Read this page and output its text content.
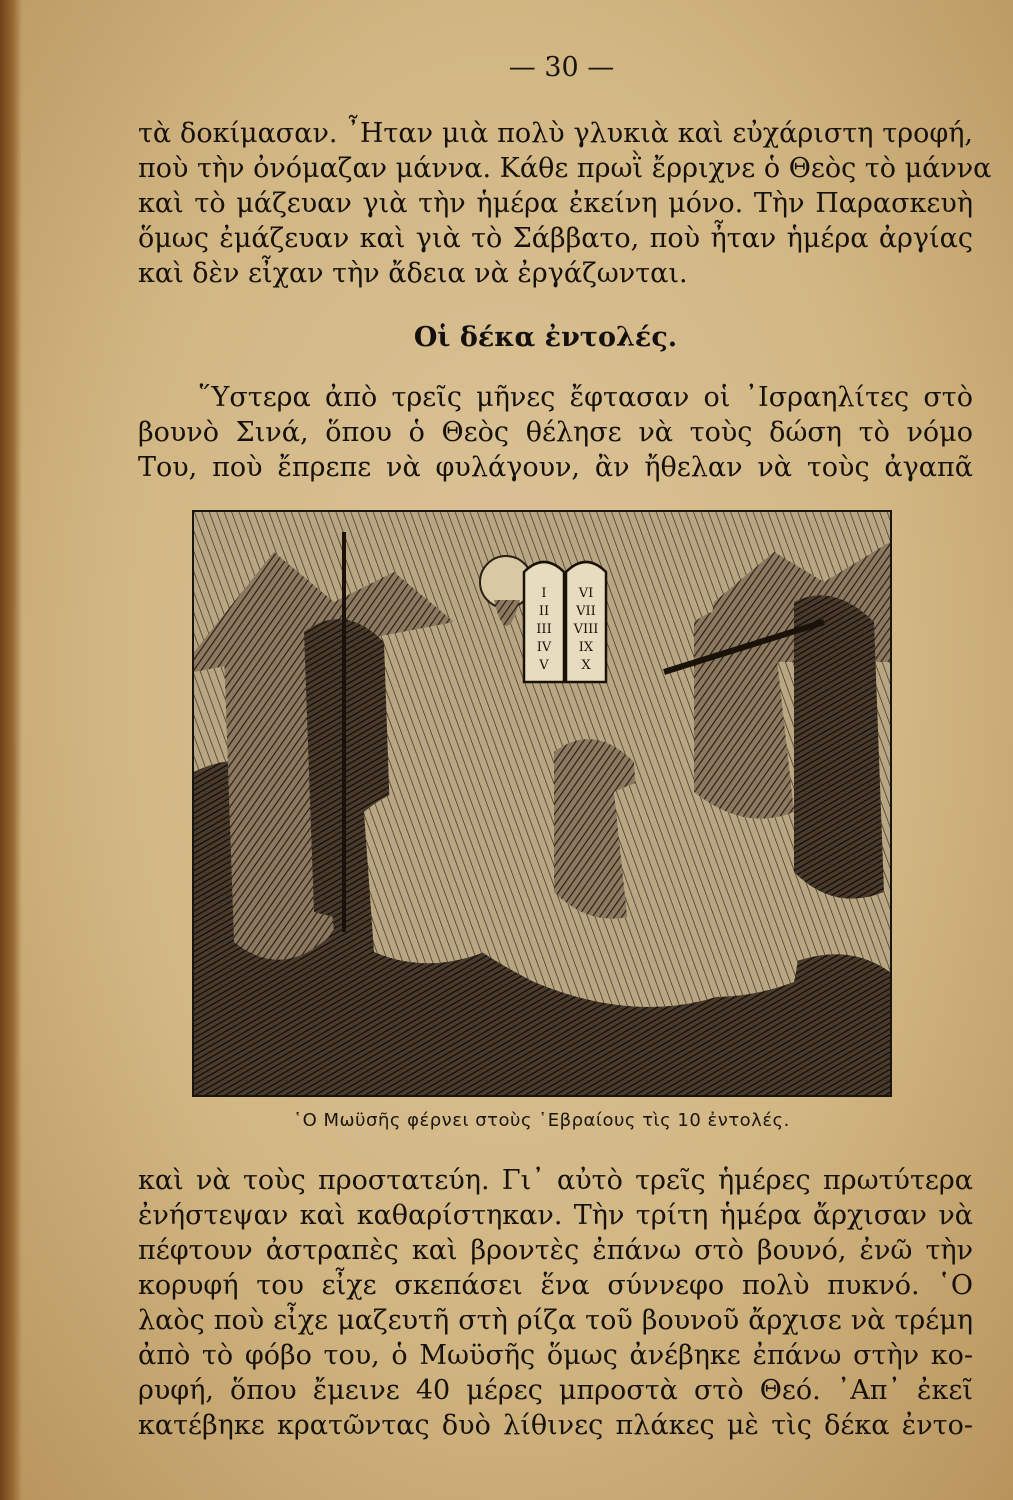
— 30 —
τὰ δοκίμασαν. ῏Ηταν μιὰ πολὺ γλυκιὰ καὶ εὐχάριστη τροφή,
ποὺ τὴν ὀνόμαζαν μάννα. Κάθε πρωῒ ἔρριχνε ὁ Θεὸς τὸ μάννα
καὶ τὸ μάζευαν γιὰ τὴν ἡμέρα ἐκείνη μόνο. Τὴν Παρασκευὴ
ὅμως ἐμάζευαν καὶ γιὰ τὸ Σάββατο, ποὺ ἦταν ἡμέρα ἀργίας
καὶ δὲν εἶχαν τὴν ἄδεια νὰ ἐργάζωνται.
Οἱ δέκα ἐντολές.
῞Υστερα ἀπὸ τρεῖς μῆνες ἔφτασαν οἱ ᾿Ισραηλίτες στὸ
βουνὸ Σινά, ὅπου ὁ Θεὸς θέλησε νὰ τοὺς δώση τὸ νόμο
Του, ποὺ ἔπρεπε νὰ φυλάγουν, ἂν ἤθελαν νὰ τοὺς ἀγαπᾶ
I
II
III
IV
V
VI
VII
VIII
IX
X
῾Ο Μωϋσῆς φέρνει στοὺς ῾Εβραίους τὶς 10 ἐντολές.
καὶ νὰ τοὺς προστατεύη. Γι᾿ αὐτὸ τρεῖς ἡμέρες πρωτύτερα
ἐνήστεψαν καὶ καθαρίστηκαν. Τὴν τρίτη ἡμέρα ἄρχισαν νὰ
πέφτουν ἀστραπὲς καὶ βροντὲς ἐπάνω στὸ βουνό, ἐνῶ τὴν
κορυφή του εἶχε σκεπάσει ἕνα σύννεφο πολὺ πυκνό. ῾Ο
λαὸς ποὺ εἶχε μαζευτῆ στὴ ρίζα τοῦ βουνοῦ ἄρχισε νὰ τρέμη
ἀπὸ τὸ φόβο του, ὁ Μωϋσῆς ὅμως ἀνέβηκε ἐπάνω στὴν κο-
ρυφή, ὅπου ἔμεινε 40 μέρες μπροστὰ στὸ Θεό. ᾿Απ᾿ ἐκεῖ
κατέβηκε κρατῶντας δυὸ λίθινες πλάκες μὲ τὶς δέκα ἐντο-
